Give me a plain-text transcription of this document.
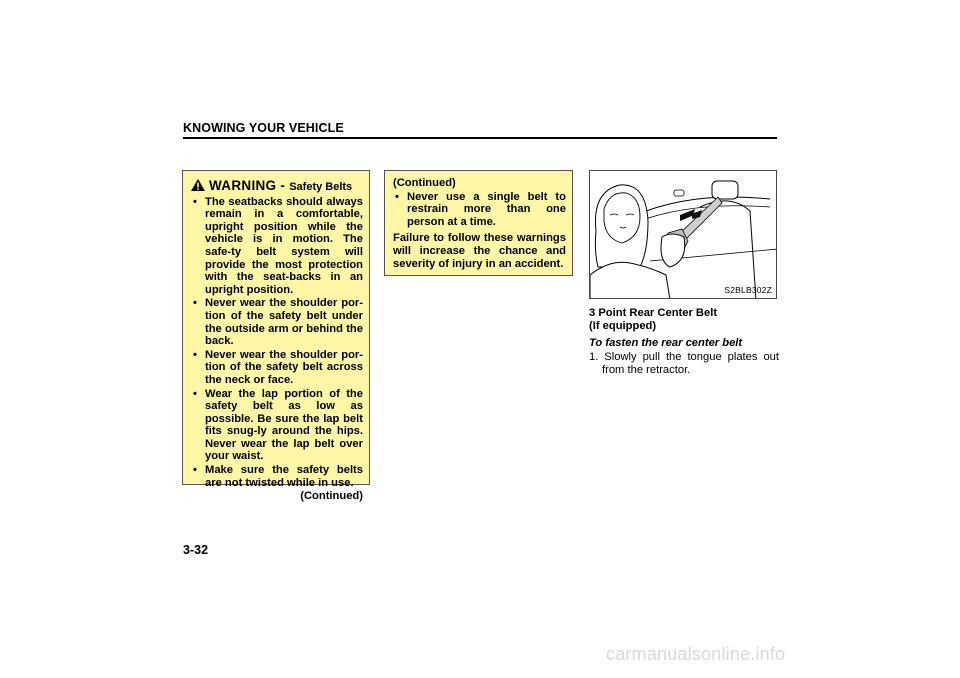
KNOWING YOUR VEHICLE
WARNING - Safety Belts
• The seatbacks should always remain in a comfortable, upright position while the vehicle is in motion. The safe-ty belt system will provide the most protection with the seat-backs in an upright position.
• Never wear the shoulder por-tion of the safety belt under the outside arm or behind the back.
• Never wear the shoulder por-tion of the safety belt across the neck or face.
• Wear the lap portion of the safety belt as low as possible. Be sure the lap belt fits snug-ly around the hips. Never wear the lap belt over your waist.
• Make sure the safety belts are not twisted while in use.
(Continued)
(Continued)
• Never use a single belt to restrain more than one person at a time.
Failure to follow these warnings will increase the chance and severity of injury in an accident.
S2BLB302Z
3 Point Rear Center Belt
(If equipped)
To fasten the rear center belt
1. Slowly pull the tongue plates out from the retractor.
3-32
carmanualsonline.info
